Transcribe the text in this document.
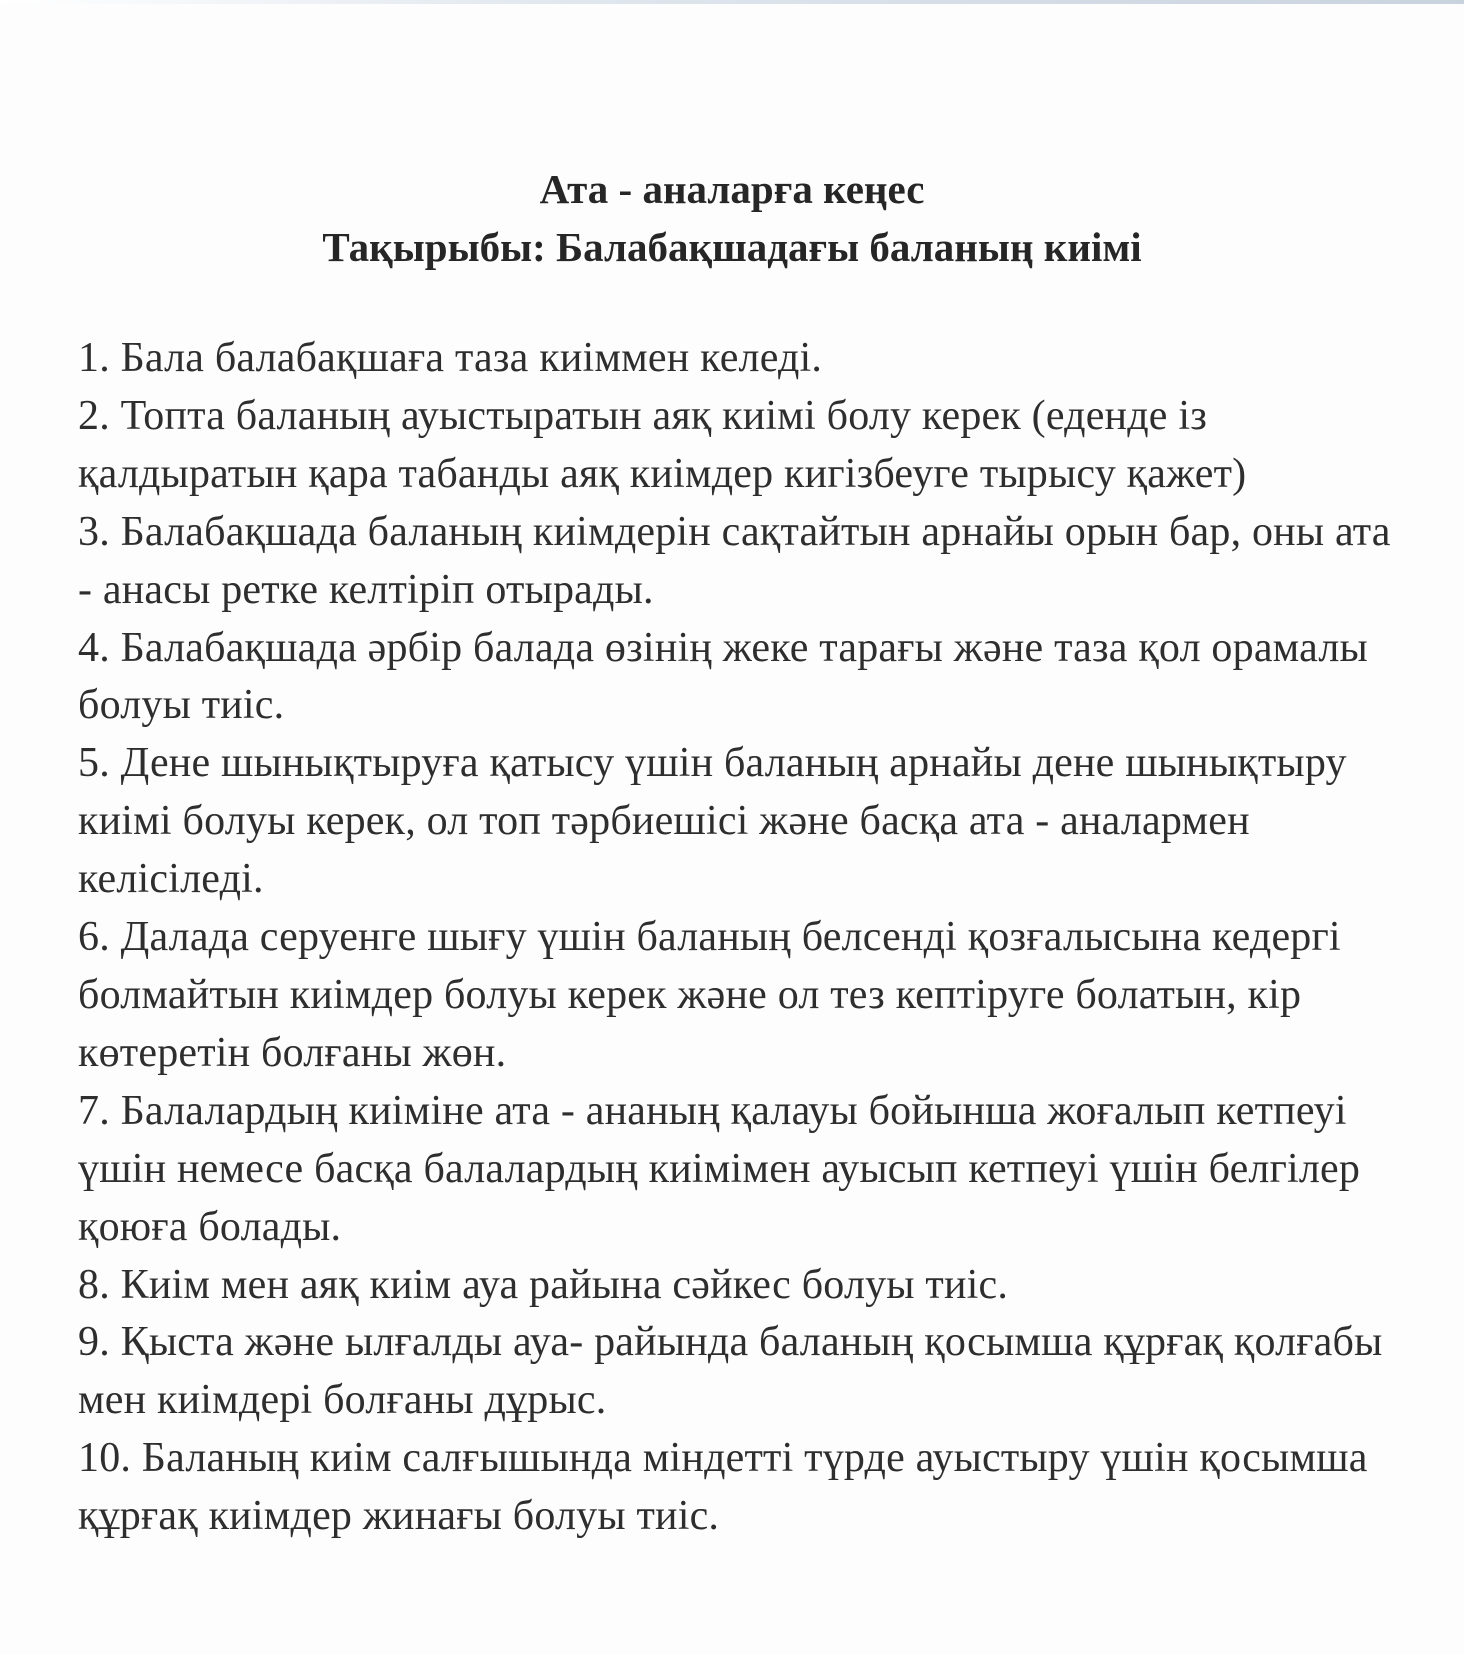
Ата - аналарға кеңес

Тақырыбы: Балабақшадағы баланың киімі

1. Бала балабақшаға таза киіммен келеді.
2. Топта баланың ауыстыратын аяқ киімі болу керек (еденде із қалдыратын қара табанды аяқ киімдер кигізбеуге тырысу қажет)
3. Балабақшада баланың киімдерін сақтайтын арнайы орын бар, оны ата - анасы ретке келтіріп отырады.
4. Балабақшада әрбір балада өзінің жеке тарағы және таза қол орамалы болуы тиіс.
5. Дене шынықтыруға қатысу үшін баланың арнайы дене шынықтыру киімі болуы керек, ол топ тәрбиешісі және басқа ата - аналармен келісіледі.
6. Далада серуенге шығу үшін баланың белсенді қозғалысына кедергі болмайтын киімдер болуы керек және ол тез кептіруге болатын, кір көтеретін болғаны жөн.
7. Балалардың киіміне ата - ананың қалауы бойынша жоғалып кетпеуі үшін немесе басқа балалардың киімімен ауысып кетпеуі үшін белгілер қоюға болады.
8. Киім мен аяқ киім ауа райына сәйкес болуы тиіс.
9. Қыста және ылғалды ауа- райында баланың қосымша құрғақ қолғабы мен киімдері болғаны дұрыс.
10. Баланың киім салғышында міндетті түрде ауыстыру үшін қосымша құрғақ киімдер жинағы болуы тиіс.
